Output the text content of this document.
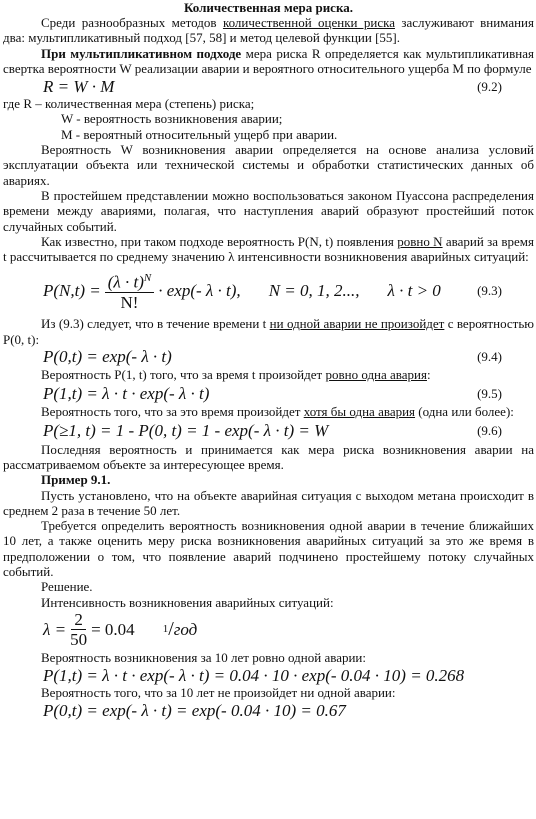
Количественная мера риска.

Среди разнообразных методов количественной оценки риска заслуживают внимания два: мультипликативный подход [57, 58] и метод целевой функции [55].

При мультипликативном подходе мера риска R определяется как мультипликативная свертка вероятности W реализации аварии и вероятного относительного ущерба M по формуле

R = W · M	(9.2)

где R – количественная мера (степень) риска;

W - вероятность возникновения аварии;

M - вероятный относительный ущерб при аварии.

Вероятность W возникновения аварии определяется на основе анализа условий эксплуатации объекта или технической системы и обработки статистических данных об авариях.

В простейшем представлении можно воспользоваться законом Пуассона распределения времени между авариями, полагая, что наступления аварий образуют простейший поток случайных событий.

Как известно, при таком подходе вероятность P(N, t) появления ровно N аварий за время t рассчитывается по среднему значению λ интенсивности возникновения аварийных ситуаций:

$P(N,t) = \frac{(\lambda \cdot t)^N}{N!} \cdot \exp(-$ λ · t), N = 0, 1, 2..., λ · t > 0	(9.3)

Из (9.3) следует, что в течение времени t ни одной аварии не произойдет с вероятностью P(0, t):

P(0,t) = exp(- λ · t)	(9.4)

Вероятность P(1, t) того, что за время t произойдет ровно одна авария:

P(1,t) = λ · t · exp(- λ · t)	(9.5)

Вероятность того, что за это время произойдет хотя бы одна авария (одна или более):

P(≥1, t) = 1 - P(0, t) = 1 - exp(- λ · t) = W	(9.6)

Последняя вероятность и принимается как мера риска возникновения аварии на рассматриваемом объекте за интересующее время.

Пример 9.1.

Пусть установлено, что на объекте аварийная ситуация с выходом метана происходит в среднем 2 раза в течение 50 лет.

Требуется определить вероятность возникновения одной аварии в течение ближайших 10 лет, а также оценить меру риска возникновения аварийных ситуаций за это же время в предположении о том, что появление аварий подчинено простейшему потоку случайных событий.

Решение.

Интенсивность возникновения аварийных ситуаций:

$\lambda = \frac{2}{50} = 0.04$	1 / год

Вероятность возникновения за 10 лет ровно одной аварии:

P(1,t) = λ · t · exp(- λ · t) = 0.04 · 10 · exp(- 0.04 · 10) = 0.268

Вероятность того, что за 10 лет не произойдет ни одной аварии:

P(0,t) = exp(- λ · t) = exp(- 0.04 · 10) = 0.67
